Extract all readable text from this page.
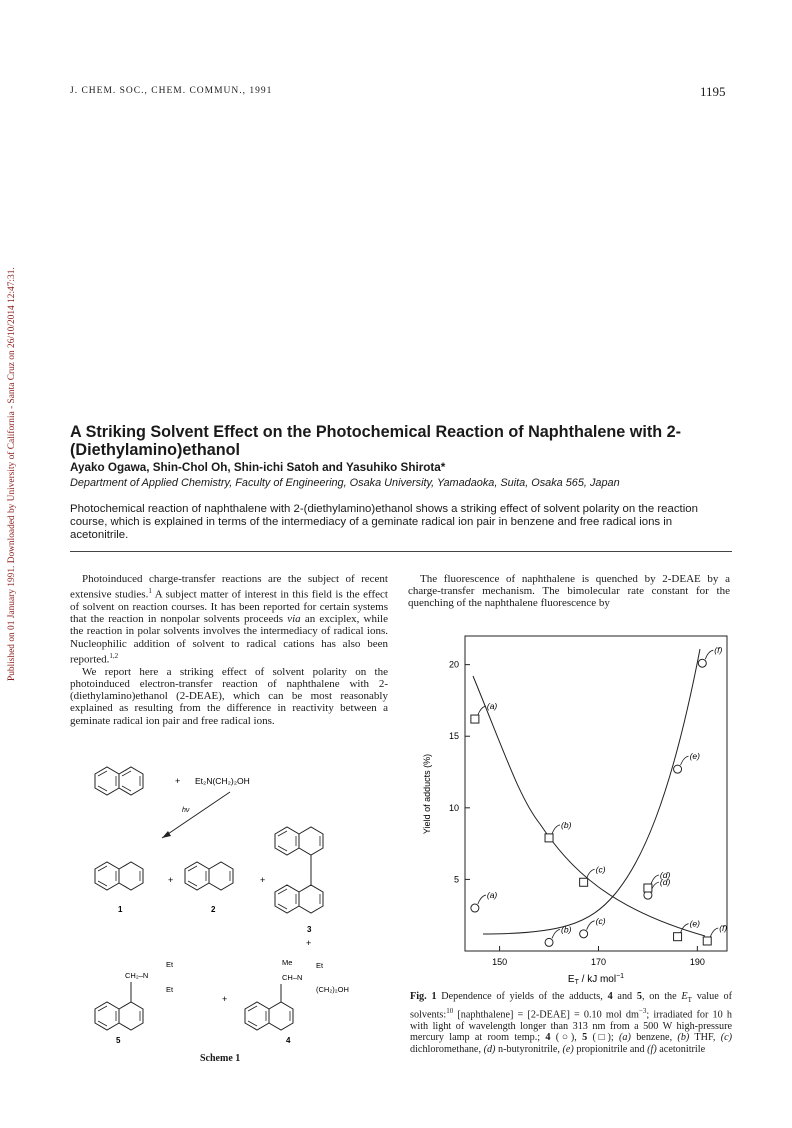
Published on 01 January 1991. Downloaded by University of California - Santa Cruz on 26/10/2014 12:47:31.
J. CHEM. SOC., CHEM. COMMUN., 1991	1195
A Striking Solvent Effect on the Photochemical Reaction of Naphthalene with 2-(Diethylamino)ethanol
Ayako Ogawa, Shin-Chol Oh, Shin-ichi Satoh and Yasuhiko Shirota*
Department of Applied Chemistry, Faculty of Engineering, Osaka University, Yamadaoka, Suita, Osaka 565, Japan
Photochemical reaction of naphthalene with 2-(diethylamino)ethanol shows a striking effect of solvent polarity on the reaction course, which is explained in terms of the intermediacy of a geminate radical ion pair in benzene and free radical ions in acetonitrile.
Photoinduced charge-transfer reactions are the subject of recent extensive studies.$^1$ A subject matter of interest in this field is the effect of solvent on reaction courses. It has been reported for certain systems that the reaction in nonpolar solvents proceeds via an exciplex, while the reaction in polar solvents involves the intermediacy of radical ions. Nucleophilic addition of solvent to radical cations has also been reported.$^{1,2}$
We report here a striking effect of solvent polarity on the photoinduced electron-transfer reaction of naphthalene with 2-(diethylamino)ethanol (2-DEAE), which can be most reasonably explained as resulting from the difference in reactivity between a geminate radical ion pair and free radical ions.
The fluorescence of naphthalene is quenched by 2-DEAE by a charge-transfer mechanism. The bimolecular rate constant for the quenching of the naphthalene fluorescence by
+ Et₂N(CH₂)₂OH
hν
1
+
2
+
3
+
Et
CH₂–N
Et
5
+
Me	Et
CH–N
(CH₂)₂OH
4
Scheme 1
5
10
15
20
150	170	190
(a)
(b)
(c)
(d)
(e)
(f)
(a)
(b)
(c)
(d)
(e) (f)
Yield of adducts (%)
$E_T$ / kJ mol$^{-1}$
Fig. 1 Dependence of yields of the adducts, 4 and 5, on the $E_T$ value of solvents:$^{10}$ [naphthalene] = [2-DEAE] = 0.10 mol $dm^{-3}$; irradiated for 10 h with light of wavelength longer than 313 nm from a 500 W high-pressure mercury lamp at room temp.; 4 (○), 5 (□); (a) benzene, (b) THF, (c) dichloromethane, (d) n-butyronitrile, (e) propionitrile and (f) acetonitrile
